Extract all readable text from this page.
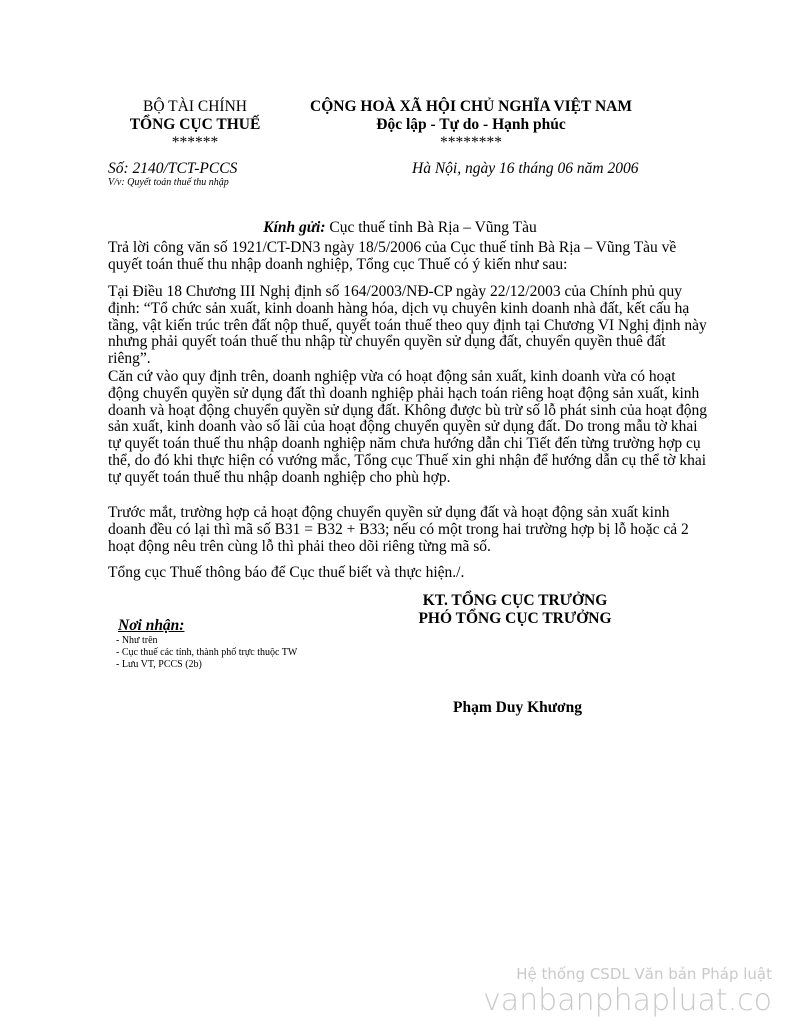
BỘ TÀI CHÍNH
TỔNG CỤC THUẾ
******
CỘNG HOÀ XÃ HỘI CHỦ NGHĨA VIỆT NAM
Độc lập - Tự do - Hạnh phúc
********
Số: 2140/TCT-PCCS
V/v: Quyết toán thuế thu nhập
Hà Nội, ngày 16 tháng 06 năm 2006
Kính gửi: Cục thuế tỉnh Bà Rịa – Vũng Tàu

Trả lời công văn số 1921/CT-DN3 ngày 18/5/2006 của Cục thuế tỉnh Bà Rịa – Vũng Tàu về quyết toán thuế thu nhập doanh nghiệp, Tổng cục Thuế có ý kiến như sau:

Tại Điều 18 Chương III Nghị định số 164/2003/NĐ-CP ngày 22/12/2003 của Chính phủ quy định: “Tổ chức sản xuất, kinh doanh hàng hóa, dịch vụ chuyên kinh doanh nhà đất, kết cấu hạ tầng, vật kiến trúc trên đất nộp thuế, quyết toán thuế theo quy định tại Chương VI Nghị định này nhưng phải quyết toán thuế thu nhập từ chuyển quyền sử dụng đất, chuyển quyền thuê đất riêng”.

Căn cứ vào quy định trên, doanh nghiệp vừa có hoạt động sản xuất, kinh doanh vừa có hoạt động chuyển quyền sử dụng đất thì doanh nghiệp phải hạch toán riêng hoạt động sản xuất, kinh doanh và hoạt động chuyển quyền sử dụng đất. Không được bù trừ số lỗ phát sinh của hoạt động sản xuất, kinh doanh vào số lãi của hoạt động chuyển quyền sử dụng đất. Do trong mẫu tờ khai tự quyết toán thuế thu nhập doanh nghiệp năm chưa hướng dẫn chi Tiết đến từng trường hợp cụ thể, do đó khi thực hiện có vướng mắc, Tổng cục Thuế xin ghi nhận để hướng dẫn cụ thể tờ khai tự quyết toán thuế thu nhập doanh nghiệp cho phù hợp.

Trước mắt, trường hợp cả hoạt động chuyển quyền sử dụng đất và hoạt động sản xuất kinh doanh đều có lại thì mã số B31 = B32 + B33; nếu có một trong hai trường hợp bị lỗ hoặc cả 2 hoạt động nêu trên cùng lỗ thì phải theo dõi riêng từng mã số.

Tổng cục Thuế thông báo để Cục thuế biết và thực hiện./.

KT. TỔNG CỤC TRƯỞNG
PHÓ TỔNG CỤC TRƯỞNG
Nơi nhận:
- Như trên
- Cục thuế các tỉnh, thành phố trực thuộc TW
- Lưu VT, PCCS (2b)
Phạm Duy Khương
Hệ thống CSDL Văn bản Pháp luật
vanbanphapluat.co
